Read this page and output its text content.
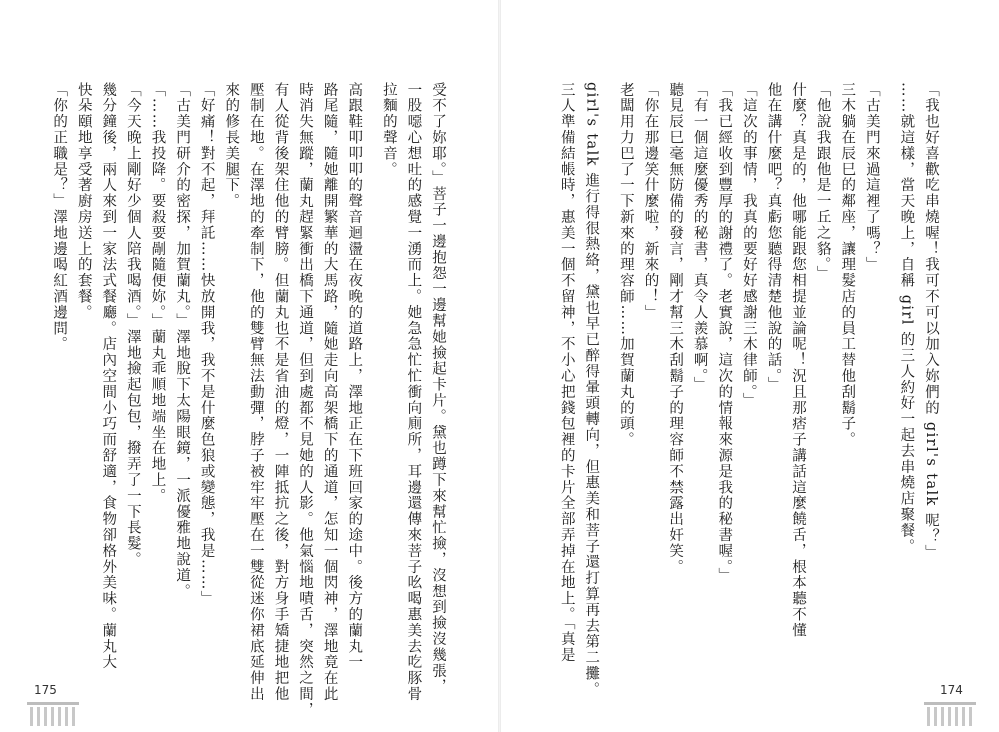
「我也好喜歡吃串燒喔！我可不可以加入妳們的 girl's talk 呢？」
……就這樣，當天晚上，自稱 girl 的三人約好一起去串燒店聚餐。
「古美門來過這裡了嗎？」
三木躺在辰巳的鄰座，讓理髮店的員工替他刮鬍子。
「他說我跟他是一丘之貉。」
什麼？真是的，他哪能跟您相提並論呢！況且那痞子講話這麼饒舌，根本聽不懂
他在講什麼吧？真虧您聽得清楚他說的話。」
「這次的事情，我真的要好好感謝三木律師。」
「我已經收到豐厚的謝禮了。老實說，這次的情報來源是我的秘書喔。」
「有一個這麼優秀的秘書，真令人羨慕啊。」
聽見辰巳毫無防備的發言，剛才幫三木刮鬍子的理容師不禁露出奸笑。
「你在那邊笑什麼啦，新來的！」
老闆用力巴了一下新來的理容師……加賀蘭丸的頭。
girl's talk 進行得很熱絡，黛也早已醉得暈頭轉向，但惠美和菩子還打算再去第二攤。
三人準備結帳時，惠美一個不留神，不小心把錢包裡的卡片全部弄掉在地上。「真是
174
受不了妳耶。」菩子一邊抱怨一邊幫她撿起卡片。黛也蹲下來幫忙撿，沒想到撿沒幾張，
一股噁心想吐的感覺一湧而上。她急急忙忙衝向廁所，耳邊還傳來菩子吆喝惠美去吃豚骨
拉麵的聲音。
高跟鞋叩叩叩的聲音迴盪在夜晚的道路上，澤地正在下班回家的途中。後方的蘭丸一
路尾隨，隨她離開繁華的大馬路，隨她走向高架橋下的通道，怎知一個閃神，澤地竟在此
時消失無蹤，蘭丸趕緊衝出橋下通道，但到處都不見她的人影。他氣惱地嘖舌，突然之間，
有人從背後架住他的臂膀。但蘭丸也不是省油的燈，一陣抵抗之後，對方身手矯捷地把他
壓制在地。在澤地的牽制下，他的雙臂無法動彈，脖子被牢牢壓在一雙從迷你裙底延伸出
來的修長美腿下。
「好痛！對不起，拜託……快放開我，我不是什麼色狼或變態，我是……」
「古美門研介的密探，加賀蘭丸。」澤地脫下太陽眼鏡，一派優雅地說道。
「……我投降。要殺要剮隨便妳。」蘭丸乖順地端坐在地上。
「今天晚上剛好少個人陪我喝酒。」澤地撿起包包，撥弄了一下長髮。
幾分鐘後，兩人來到一家法式餐廳。店內空間小巧而舒適，食物卻格外美味。蘭丸大
快朵頤地享受著廚房送上的套餐。
「你的正職是？」澤地邊喝紅酒邊問。
175
